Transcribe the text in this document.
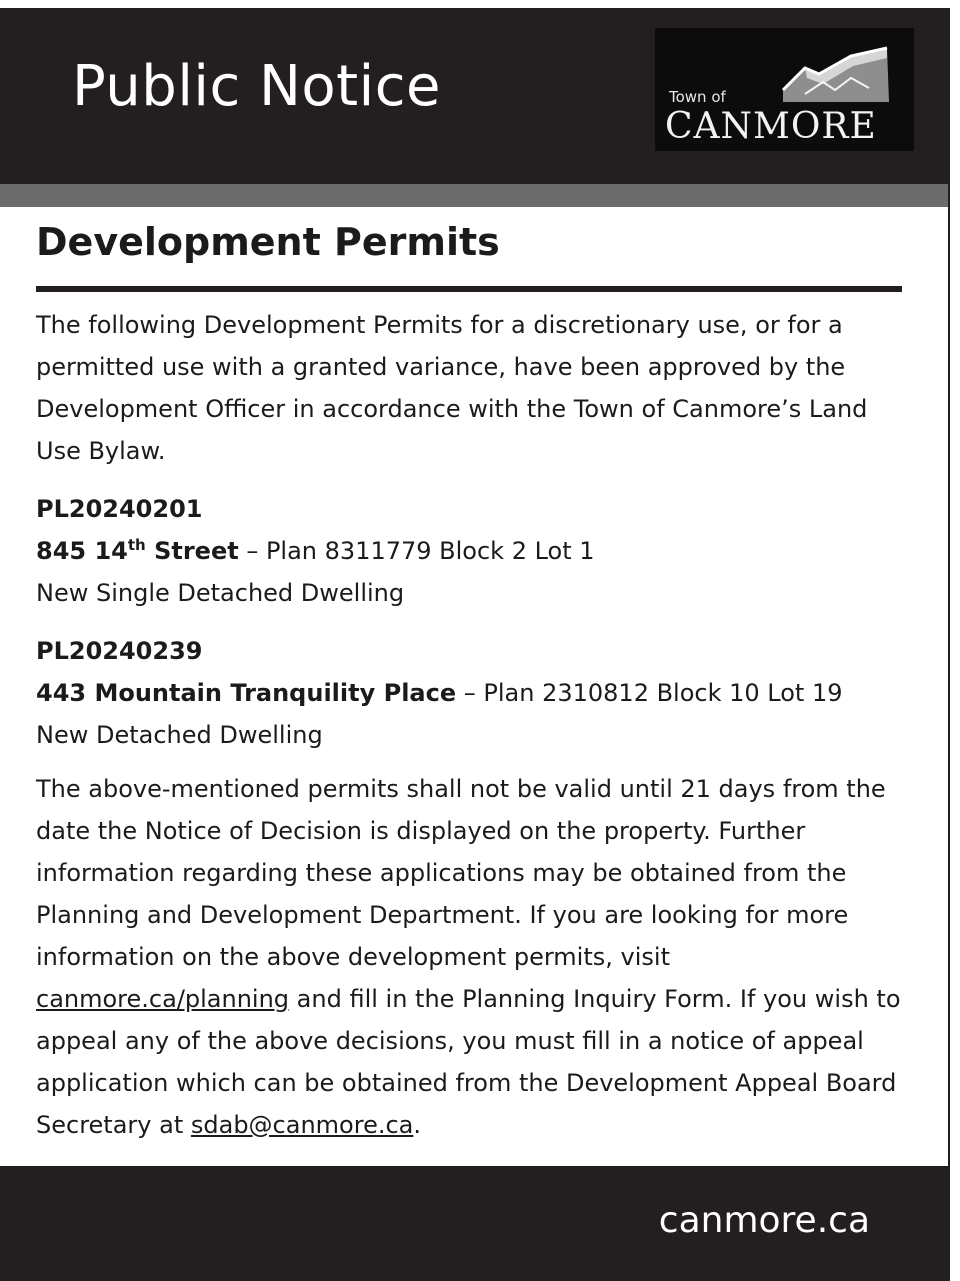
Public Notice	Town of
CANMORE
Development Permits

The following Development Permits for a discretionary use, or for a permitted use with a granted variance, have been approved by the Development Officer in accordance with the Town of Canmore’s Land Use Bylaw.

PL20240201
845 14th Street – Plan 8311779 Block 2 Lot 1
New Single Detached Dwelling
PL20240239
443 Mountain Tranquility Place – Plan 2310812 Block 10 Lot 19
New Detached Dwelling

The above-mentioned permits shall not be valid until 21 days from the date the Notice of Decision is displayed on the property. Further information regarding these applications may be obtained from the Planning and Development Department. If you are looking for more information on the above development permits, visit canmore.ca/planning and fill in the Planning Inquiry Form. If you wish to appeal any of the above decisions, you must fill in a notice of appeal application which can be obtained from the Development Appeal Board Secretary at sdab@canmore.ca.

canmore.ca
